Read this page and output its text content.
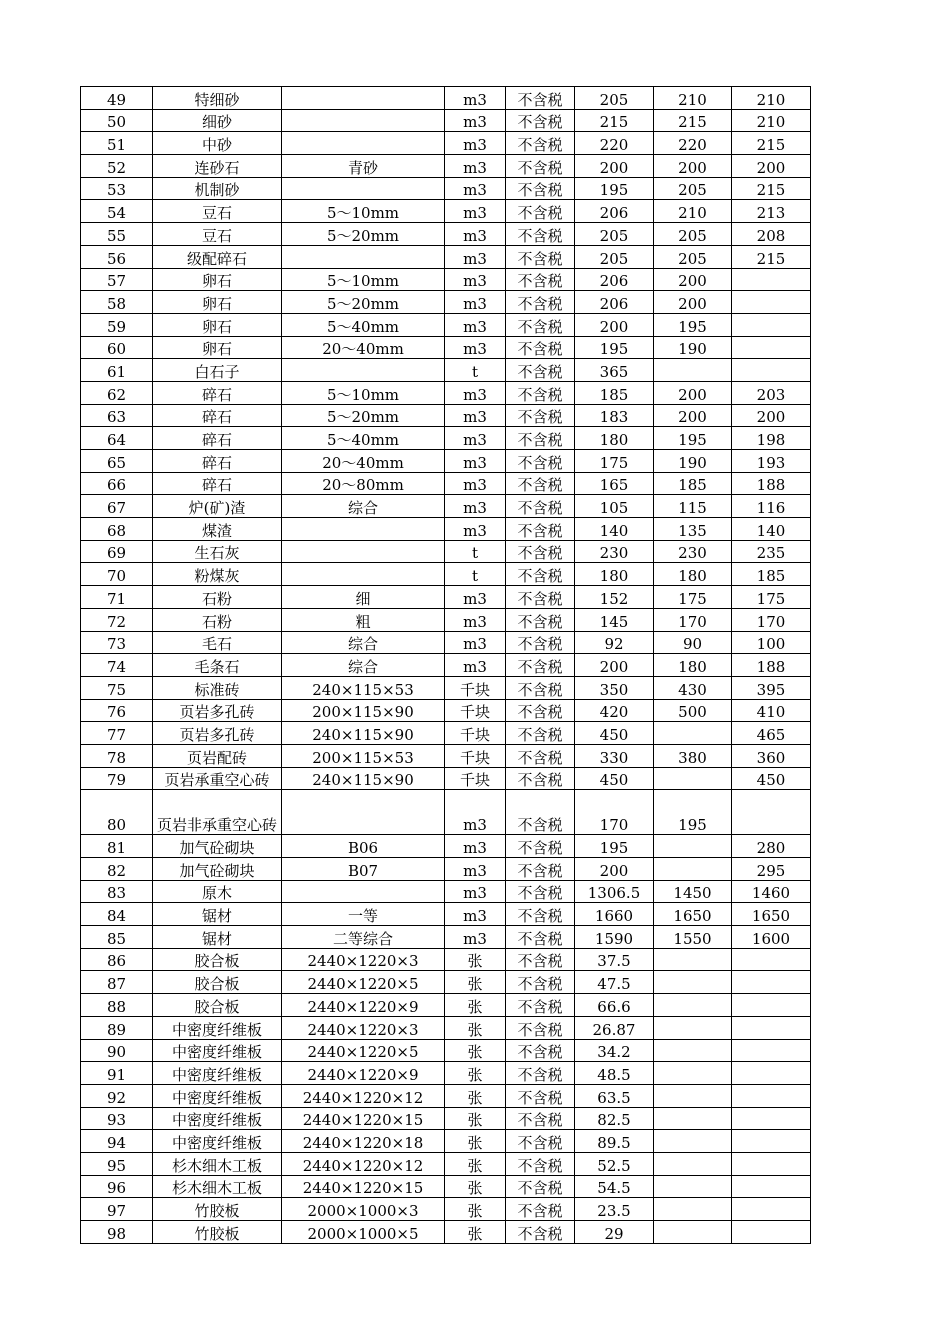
49	特细砂		m3	不含税	205	210	210
50	细砂		m3	不含税	215	215	210
51	中砂		m3	不含税	220	220	215
52	连砂石	青砂	m3	不含税	200	200	200
53	机制砂		m3	不含税	195	205	215
54	豆石	5～10mm	m3	不含税	206	210	213
55	豆石	5～20mm	m3	不含税	205	205	208
56	级配碎石		m3	不含税	205	205	215
57	卵石	5～10mm	m3	不含税	206	200	
58	卵石	5～20mm	m3	不含税	206	200	
59	卵石	5～40mm	m3	不含税	200	195	
60	卵石	20～40mm	m3	不含税	195	190	
61	白石子		t	不含税	365		
62	碎石	5～10mm	m3	不含税	185	200	203
63	碎石	5～20mm	m3	不含税	183	200	200
64	碎石	5～40mm	m3	不含税	180	195	198
65	碎石	20～40mm	m3	不含税	175	190	193
66	碎石	20～80mm	m3	不含税	165	185	188
67	炉(矿)渣	综合	m3	不含税	105	115	116
68	煤渣		m3	不含税	140	135	140
69	生石灰		t	不含税	230	230	235
70	粉煤灰		t	不含税	180	180	185
71	石粉	细	m3	不含税	152	175	175
72	石粉	粗	m3	不含税	145	170	170
73	毛石	综合	m3	不含税	92	90	100
74	毛条石	综合	m3	不含税	200	180	188
75	标准砖	240×115×53	千块	不含税	350	430	395
76	页岩多孔砖	200×115×90	千块	不含税	420	500	410
77	页岩多孔砖	240×115×90	千块	不含税	450		465
78	页岩配砖	200×115×53	千块	不含税	330	380	360
79	页岩承重空心砖	240×115×90	千块	不含税	450		450
80	页岩非承重空心砖		m3	不含税	170	195	
81	加气砼砌块	B06	m3	不含税	195		280
82	加气砼砌块	B07	m3	不含税	200		295
83	原木		m3	不含税	1306.5	1450	1460
84	锯材	一等	m3	不含税	1660	1650	1650
85	锯材	二等综合	m3	不含税	1590	1550	1600
86	胶合板	2440×1220×3	张	不含税	37.5		
87	胶合板	2440×1220×5	张	不含税	47.5		
88	胶合板	2440×1220×9	张	不含税	66.6		
89	中密度纤维板	2440×1220×3	张	不含税	26.87		
90	中密度纤维板	2440×1220×5	张	不含税	34.2		
91	中密度纤维板	2440×1220×9	张	不含税	48.5		
92	中密度纤维板	2440×1220×12	张	不含税	63.5		
93	中密度纤维板	2440×1220×15	张	不含税	82.5		
94	中密度纤维板	2440×1220×18	张	不含税	89.5		
95	杉木细木工板	2440×1220×12	张	不含税	52.5		
96	杉木细木工板	2440×1220×15	张	不含税	54.5		
97	竹胶板	2000×1000×3	张	不含税	23.5		
98	竹胶板	2000×1000×5	张	不含税	29		
